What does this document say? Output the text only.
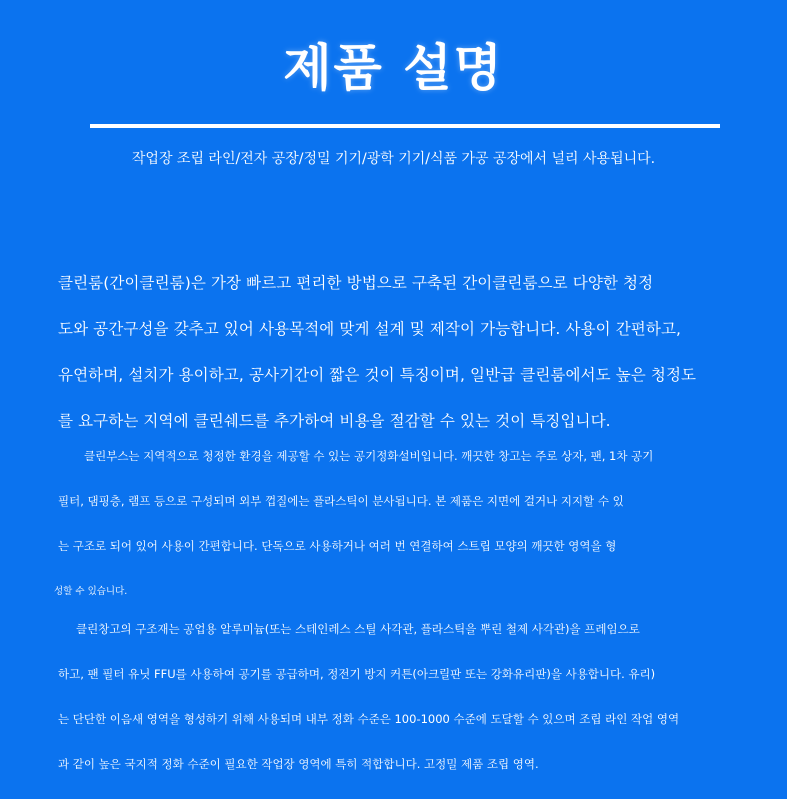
제품 설명
작업장 조립 라인/전자 공장/정밀 기기/광학 기기/식품 가공 공장에서 널리 사용됩니다.
클린룸(간이클린룸)은 가장 빠르고 편리한 방법으로 구축된 간이클린룸으로 다양한 청정
도와 공간구성을 갖추고 있어 사용목적에 맞게 설계 및 제작이 가능합니다. 사용이 간편하고,
유연하며, 설치가 용이하고, 공사기간이 짧은 것이 특징이며, 일반급 클린룸에서도 높은 청정도
를 요구하는 지역에 클린쉐드를 추가하여 비용을 절감할 수 있는 것이 특징입니다.
클린부스는 지역적으로 청정한 환경을 제공할 수 있는 공기정화설비입니다. 깨끗한 창고는 주로 상자, 팬, 1차 공기
필터, 댐핑층, 램프 등으로 구성되며 외부 껍질에는 플라스틱이 분사됩니다. 본 제품은 지면에 걸거나 지지할 수 있
는 구조로 되어 있어 사용이 간편합니다. 단독으로 사용하거나 여러 번 연결하여 스트립 모양의 깨끗한 영역을 형
성할 수 있습니다.
클린창고의 구조재는 공업용 알루미늄(또는 스테인레스 스틸 사각관, 플라스틱을 뿌린 철제 사각관)을 프레임으로
하고, 팬 필터 유닛 FFU를 사용하여 공기를 공급하며, 정전기 방지 커튼(아크릴판 또는 강화유리판)을 사용합니다. 유리)
는 단단한 이음새 영역을 형성하기 위해 사용되며 내부 정화 수준은 100-1000 수준에 도달할 수 있으며 조립 라인 작업 영역
과 같이 높은 국지적 정화 수준이 필요한 작업장 영역에 특히 적합합니다. 고정밀 제품 조립 영역.
